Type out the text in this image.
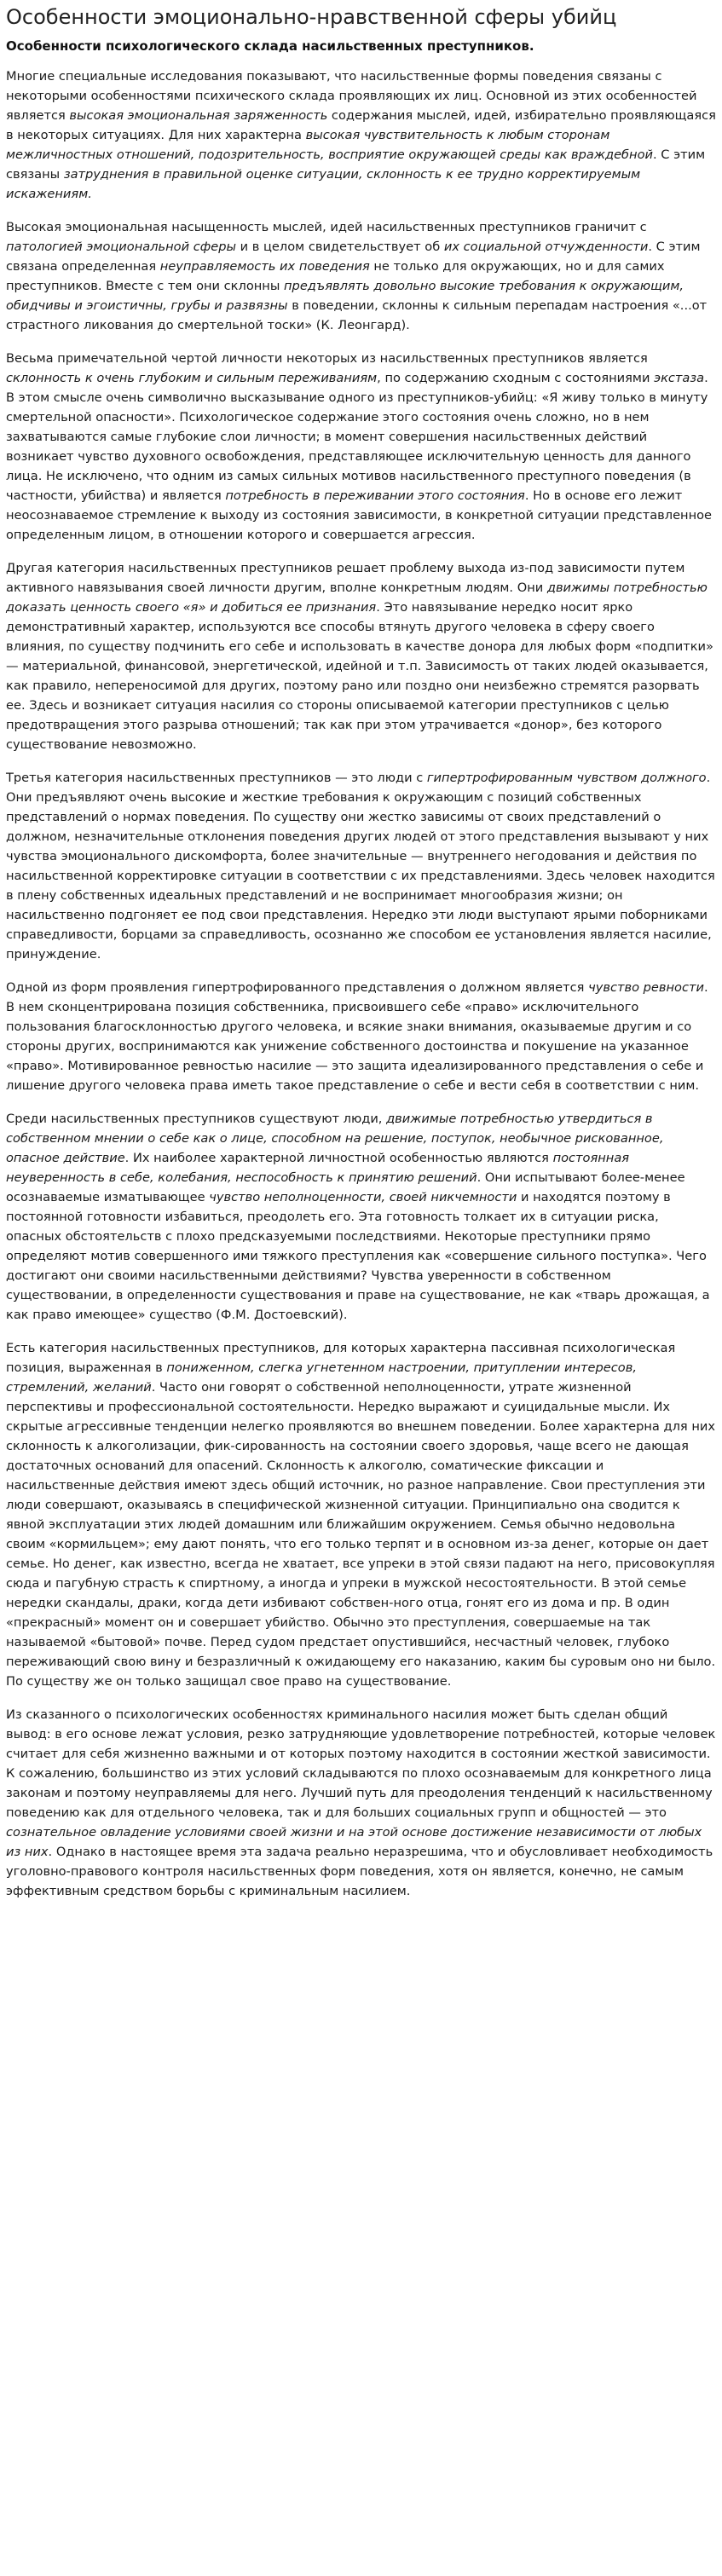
Особенности эмоционально-нравственной сферы убийц
Особенности психологического склада насильственных преступников.

Многие специальные исследования показывают, что насильственные формы поведения связаны с некоторыми особенностями психического склада проявляющих их лиц. Основной из этих особенностей является высокая эмоциональная заряженность содержания мыслей, идей, избирательно проявляющаяся в некоторых ситуациях. Для них характерна высокая чувствительность к любым сторонам межличностных отношений, подозрительность, восприятие окружающей среды как враждебной. С этим связаны затруднения в правильной оценке ситуации, склонность к ее трудно корректируемым искажениям.

Высокая эмоциональная насыщенность мыслей, идей насильственных преступников граничит с патологией эмоциональной сферы и в целом свидетельствует об их социальной отчужденности. С этим связана определенная неуправляемость их поведения не только для окружающих, но и для самих преступников. Вместе с тем они склонны предъявлять довольно высокие требования к окружающим, обидчивы и эгоистичны, грубы и развязны в поведении, склонны к сильным перепадам настроения «...от страстного ликования до смертельной тоски» (К. Леонгард).

Весьма примечательной чертой личности некоторых из насильственных преступников является склонность к очень глубоким и сильным переживаниям, по содержанию сходным с состояниями экстаза. В этом смысле очень символично высказывание одного из преступников-убийц: «Я живу только в минуту смертельной опасности». Психологическое содержание этого состояния очень сложно, но в нем захватываются самые глубокие слои личности; в момент совершения насильственных действий возникает чувство духовного освобождения, представляющее исключительную ценность для данного лица. Не исключено, что одним из самых сильных мотивов насильственного преступного поведения (в частности, убийства) и является потребность в переживании этого состояния. Но в основе его лежит неосознаваемое стремление к выходу из состояния зависимости, в конкретной ситуации представленное определенным лицом, в отношении которого и совершается агрессия.

Другая категория насильственных преступников решает проблему выхода из-под зависимости путем активного навязывания своей личности другим, вполне конкретным людям. Они движимы потребностью доказать ценность своего «я» и добиться ее признания. Это навязывание нередко носит ярко демонстративный характер, используются все способы втянуть другого человека в сферу своего влияния, по существу подчинить его себе и использовать в качестве донора для любых форм «подпитки» — материальной, финансовой, энергетической, идейной и т.п. Зависимость от таких людей оказывается, как правило, непереносимой для других, поэтому рано или поздно они неизбежно стремятся разорвать ее. Здесь и возникает ситуация насилия со стороны описываемой категории преступников с целью предотвращения этого разрыва отношений; так как при этом утрачивается «донор», без которого существование невозможно.

Третья категория насильственных преступников — это люди с гипертрофированным чувством должного. Они предъявляют очень высокие и жесткие требования к окружающим с позиций собственных представлений о нормах поведения. По существу они жестко зависимы от своих представлений о должном, незначительные отклонения поведения других людей от этого представления вызывают у них чувства эмоционального дискомфорта, более значительные — внутреннего негодования и действия по насильственной корректировке ситуации в соответствии с их представлениями. Здесь человек находится в плену собственных идеальных представлений и не воспринимает многообразия жизни; он насильственно подгоняет ее под свои представления. Нередко эти люди выступают ярыми поборниками справедливости, борцами за справедливость, осознанно же способом ее установления является насилие, принуждение.

Одной из форм проявления гипертрофированного представления о должном является чувство ревности. В нем сконцентрирована позиция собственника, присвоившего себе «право» исключительного пользования благосклонностью другого человека, и всякие знаки внимания, оказываемые другим и со стороны других, воспринимаются как унижение собственного достоинства и покушение на указанное «право». Мотивированное ревностью насилие — это защита идеализированного представления о себе и лишение другого человека права иметь такое представление о себе и вести себя в соответствии с ним.

Среди насильственных преступников существуют люди, движимые потребностью утвердиться в собственном мнении о себе как о лице, способном на решение, поступок, необычное рискованное, опасное действие. Их наиболее характерной личностной особенностью являются постоянная неуверенность в себе, колебания, неспособность к принятию решений. Они испытывают более-менее осознаваемые изматывающее чувство неполноценности, своей никчемности и находятся поэтому в постоянной готовности избавиться, преодолеть его. Эта готовность толкает их в ситуации риска, опасных обстоятельств с плохо предсказуемыми последствиями. Некоторые преступники прямо определяют мотив совершенного ими тяжкого преступления как «совершение сильного поступка». Чего достигают они своими насильственными действиями? Чувства уверенности в собственном существовании, в определенности существования и праве на существование, не как «тварь дрожащая, а как право имеющее» существо (Ф.М. Достоевский).

Есть категория насильственных преступников, для которых характерна пассивная психологическая позиция, выраженная в пониженном, слегка угнетенном настроении, притуплении интересов, стремлений, желаний. Часто они говорят о собственной неполноценности, утрате жизненной перспективы и профессиональной состоятельности. Нередко выражают и суицидальные мысли. Их скрытые агрессивные тенденции нелегко проявляются во внешнем поведении. Более характерна для них склонность к алкоголизации, фик-сированность на состоянии своего здоровья, чаще всего не дающая достаточных оснований для опасений. Склонность к алкоголю, соматические фиксации и насильственные действия имеют здесь общий источник, но разное направление. Свои преступления эти люди совершают, оказываясь в специфической жизненной ситуации. Принципиально она сводится к явной эксплуатации этих людей домашним или ближайшим окружением. Семья обычно недовольна своим «кормильцем»; ему дают понять, что его только терпят и в основном из-за денег, которые он дает семье. Но денег, как известно, всегда не хватает, все упреки в этой связи падают на него, присовокупляя сюда и пагубную страсть к спиртному, а иногда и упреки в мужской несостоятельности. В этой семье нередки скандалы, драки, когда дети избивают собствен-ного отца, гонят его из дома и пр. В один «прекрасный» момент он и совершает убийство. Обычно это преступления, совершаемые на так называемой «бытовой» почве. Перед судом предстает опустившийся, несчастный человек, глубоко переживающий свою вину и безразличный к ожидающему его наказанию, каким бы суровым оно ни было. По существу же он только защищал свое право на существование.

Из сказанного о психологических особенностях криминального насилия может быть сделан общий вывод: в его основе лежат условия, резко затрудняющие удовлетворение потребностей, которые человек считает для себя жизненно важными и от которых поэтому находится в состоянии жесткой зависимости. К сожалению, большинство из этих условий складываются по плохо осознаваемым для конкретного лица законам и поэтому неуправляемы для него. Лучший путь для преодоления тенденций к насильственному поведению как для отдельного человека, так и для больших социальных групп и общностей — это сознательное овладение условиями своей жизни и на этой основе достижение независимости от любых из них. Однако в настоящее время эта задача реально неразрешима, что и обусловливает необходимость уголовно-правового контроля насильственных форм поведения, хотя он является, конечно, не самым эффективным средством борьбы с криминальным насилием.
